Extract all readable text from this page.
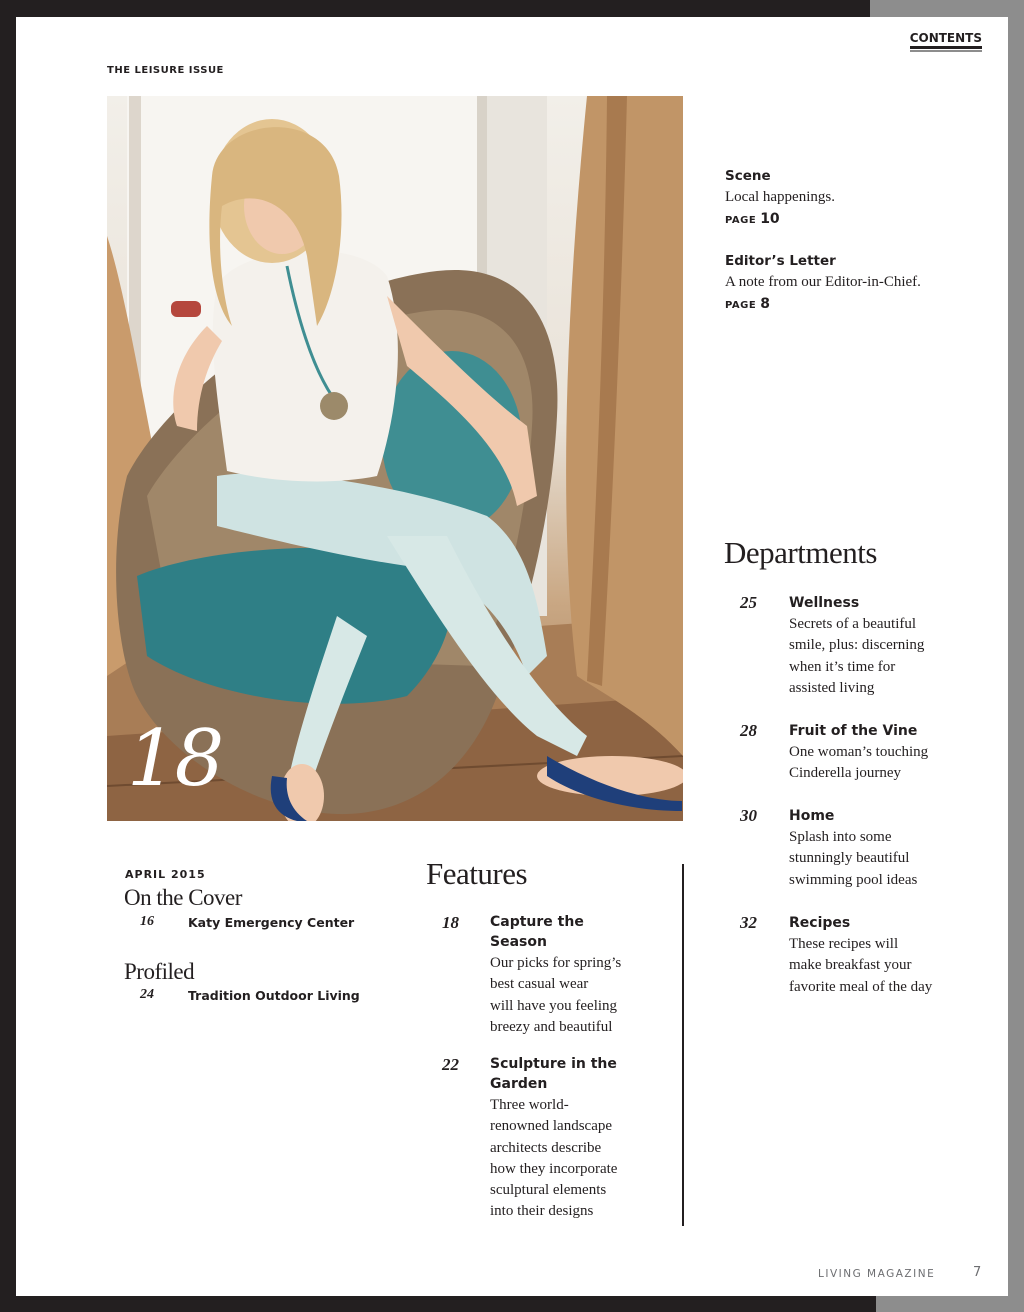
THE LEISURE ISSUE
CONTENTS
18
Scene
Local happenings.
PAGE 10
Editor’s Letter
A note from our Editor-in-Chief.
PAGE 8
Departments
25 Wellness
Secrets of a beautiful
smile, plus: discerning
when it’s time for
assisted living
28 Fruit of the Vine
One woman’s touching
Cinderella journey
30 Home
Splash into some
stunningly beautiful
swimming pool ideas
32 Recipes
These recipes will
make breakfast your
favorite meal of the day
APRIL 2015
On the Cover
16	Katy Emergency Center
Profiled
24	Tradition Outdoor Living
Features
18 Capture the Season
Our picks for spring’s
best casual wear
will have you feeling
breezy and beautiful
22 Sculpture in the Garden
Three world-
renowned landscape
architects describe
how they incorporate
sculptural elements
into their designs
LIVING MAGAZINE	7
